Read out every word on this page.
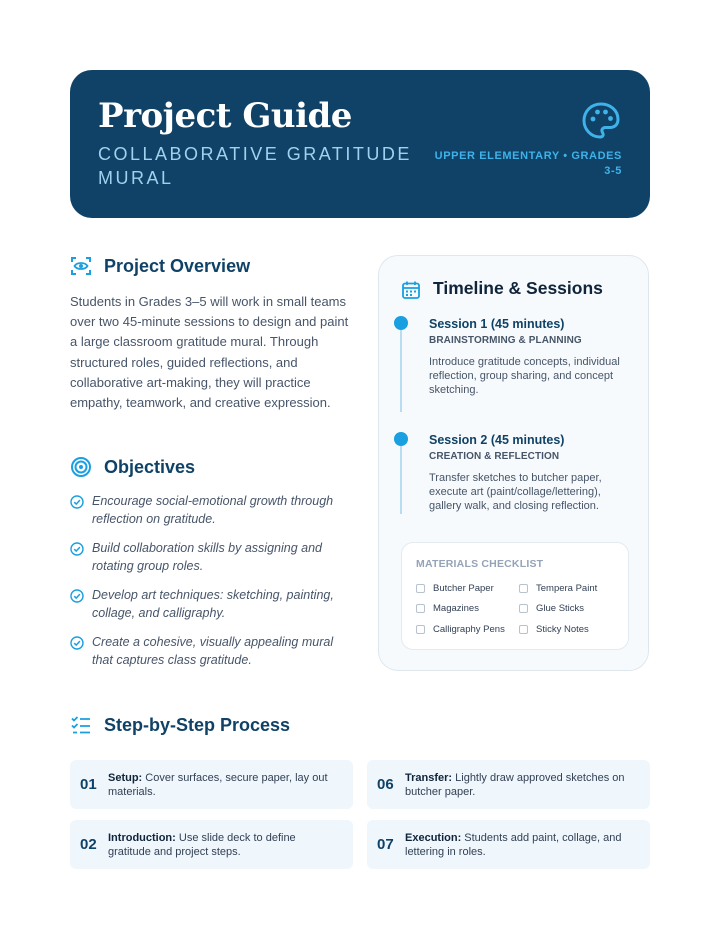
Project Guide
COLLABORATIVE GRATITUDE MURAL
UPPER ELEMENTARY • GRADES 3-5
Project Overview

Students in Grades 3–5 will work in small teams over two 45-minute sessions to design and paint a large classroom gratitude mural. Through structured roles, guided reflections, and collaborative art-making, they will practice empathy, teamwork, and creative expression.

Objectives
Encourage social-emotional growth through reflection on gratitude.
Build collaboration skills by assigning and rotating group roles.
Develop art techniques: sketching, painting, collage, and calligraphy.
Create a cohesive, visually appealing mural that captures class gratitude.
Timeline & Sessions
Session 1 (45 minutes)
BRAINSTORMING & PLANNING
Introduce gratitude concepts, individual reflection, group sharing, and concept sketching.
Session 2 (45 minutes)
CREATION & REFLECTION
Transfer sketches to butcher paper, execute art (paint/collage/lettering), gallery walk, and closing reflection.
MATERIALS CHECKLIST
Butcher Paper	Tempera Paint
Magazines	Glue Sticks
Calligraphy Pens	Sticky Notes
Step-by-Step Process
01	Setup: Cover surfaces, secure paper, lay out materials.	06	Transfer: Lightly draw approved sketches on butcher paper.
02	Introduction: Use slide deck to define gratitude and project steps.	07	Execution: Students add paint, collage, and lettering in roles.
